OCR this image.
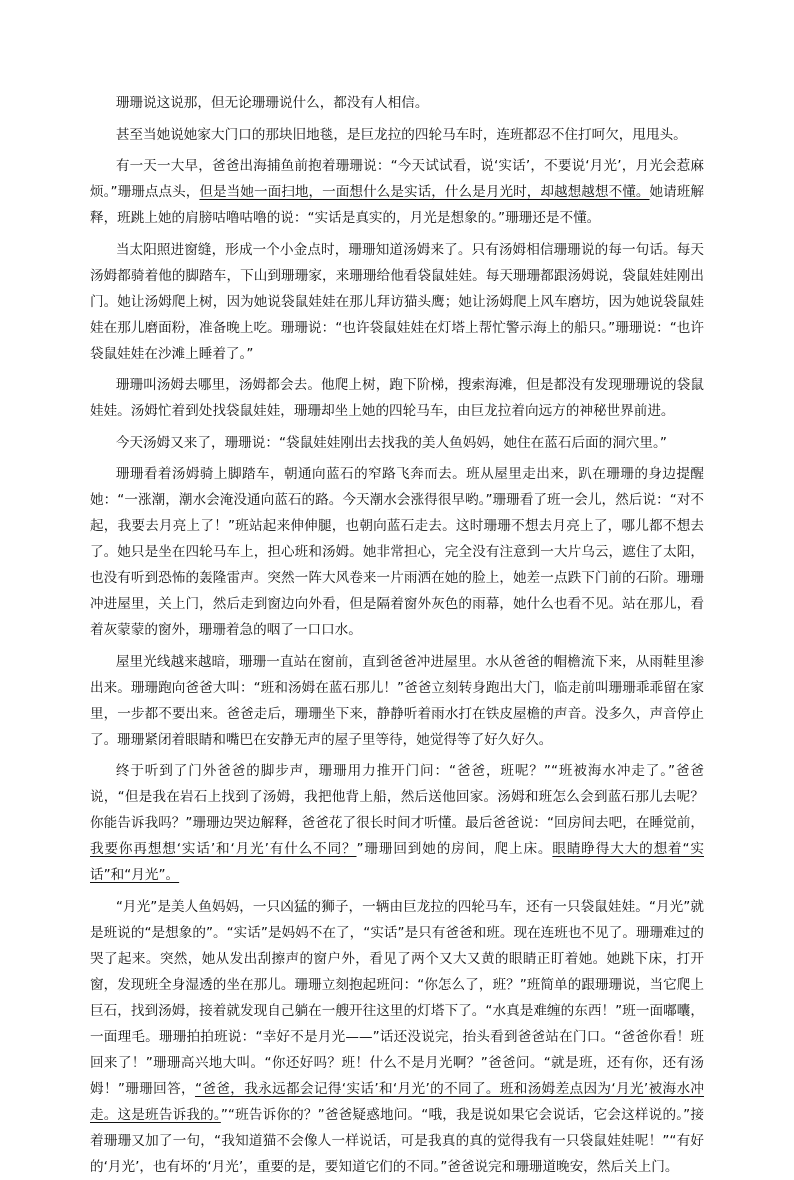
珊珊说这说那，但无论珊珊说什么，都没有人相信。

甚至当她说她家大门口的那块旧地毯，是巨龙拉的四轮马车时，连班都忍不住打呵欠，甩甩头。

有一天一大早，爸爸出海捕鱼前抱着珊珊说：“今天试试看，说‘实话’，不要说‘月光’，月光会惹麻烦。”珊珊点点头，但是当她一面扫地，一面想什么是实话，什么是月光时，却越想越想不懂。她请班解释，班跳上她的肩膀咕噜咕噜的说：“实话是真实的，月光是想象的。”珊珊还是不懂。

当太阳照进窗缝，形成一个小金点时，珊珊知道汤姆来了。只有汤姆相信珊珊说的每一句话。每天汤姆都骑着他的脚踏车，下山到珊珊家，来珊珊给他看袋鼠娃娃。每天珊珊都跟汤姆说，袋鼠娃娃刚出门。她让汤姆爬上树，因为她说袋鼠娃娃在那儿拜访猫头鹰；她让汤姆爬上风车磨坊，因为她说袋鼠娃娃在那儿磨面粉，准备晚上吃。珊珊说：“也许袋鼠娃娃在灯塔上帮忙警示海上的船只。”珊珊说：“也许袋鼠娃娃在沙滩上睡着了。”

珊珊叫汤姆去哪里，汤姆都会去。他爬上树，跑下阶梯，搜索海滩，但是都没有发现珊珊说的袋鼠娃娃。汤姆忙着到处找袋鼠娃娃，珊珊却坐上她的四轮马车，由巨龙拉着向远方的神秘世界前进。

今天汤姆又来了，珊珊说：“袋鼠娃娃刚出去找我的美人鱼妈妈，她住在蓝石后面的洞穴里。”

珊珊看着汤姆骑上脚踏车，朝通向蓝石的窄路飞奔而去。班从屋里走出来，趴在珊珊的身边提醒她：“一涨潮，潮水会淹没通向蓝石的路。今天潮水会涨得很早哟。”珊珊看了班一会儿，然后说：“对不起，我要去月亮上了！”班站起来伸伸腿，也朝向蓝石走去。这时珊珊不想去月亮上了，哪儿都不想去了。她只是坐在四轮马车上，担心班和汤姆。她非常担心，完全没有注意到一大片乌云，遮住了太阳，也没有听到恐怖的轰隆雷声。突然一阵大风卷来一片雨洒在她的脸上，她差一点跌下门前的石阶。珊珊冲进屋里，关上门，然后走到窗边向外看，但是隔着窗外灰色的雨幕，她什么也看不见。站在那儿，看着灰蒙蒙的窗外，珊珊着急的咽了一口口水。

屋里光线越来越暗，珊珊一直站在窗前，直到爸爸冲进屋里。水从爸爸的帽檐流下来，从雨鞋里渗出来。珊珊跑向爸爸大叫：“班和汤姆在蓝石那儿！”爸爸立刻转身跑出大门，临走前叫珊珊乖乖留在家里，一步都不要出来。爸爸走后，珊珊坐下来，静静听着雨水打在铁皮屋檐的声音。没多久，声音停止了。珊珊紧闭着眼睛和嘴巴在安静无声的屋子里等待，她觉得等了好久好久。

终于听到了门外爸爸的脚步声，珊珊用力推开门问：“爸爸，班呢？”“班被海水冲走了。”爸爸说，“但是我在岩石上找到了汤姆，我把他背上船，然后送他回家。汤姆和班怎么会到蓝石那儿去呢？你能告诉我吗？”珊珊边哭边解释，爸爸花了很长时间才听懂。最后爸爸说：“回房间去吧，在睡觉前，我要你再想想‘实话’和‘月光’有什么不同？”珊珊回到她的房间，爬上床。眼睛睁得大大的想着“实话”和“月光”。

“月光”是美人鱼妈妈，一只凶猛的狮子，一辆由巨龙拉的四轮马车，还有一只袋鼠娃娃。“月光”就是班说的“是想象的”。“实话”是妈妈不在了，“实话”是只有爸爸和班。现在连班也不见了。珊珊难过的哭了起来。突然，她从发出刮擦声的窗户外，看见了两个又大又黄的眼睛正盯着她。她跳下床，打开窗，发现班全身湿透的坐在那儿。珊珊立刻抱起班问：“你怎么了，班？”班简单的跟珊珊说，当它爬上巨石，找到汤姆，接着就发现自己躺在一艘开往这里的灯塔下了。“水真是难缠的东西！”班一面嘟囔，一面理毛。珊珊拍拍班说：“幸好不是月光——”话还没说完，抬头看到爸爸站在门口。“爸爸你看！班回来了！”珊珊高兴地大叫。“你还好吗？班！什么不是月光啊？”爸爸问。“就是班，还有你，还有汤姆！”珊珊回答，“爸爸，我永远都会记得‘实话’和‘月光’的不同了。班和汤姆差点因为‘月光’被海水冲走。这是班告诉我的。”“班告诉你的？”爸爸疑惑地问。“哦，我是说如果它会说话，它会这样说的。”接着珊珊又加了一句，“我知道猫不会像人一样说话，可是我真的真的觉得我有一只袋鼠娃娃呢！”“有好的‘月光’，也有坏的‘月光’，重要的是，要知道它们的不同。”爸爸说完和珊珊道晚安，然后关上门。
